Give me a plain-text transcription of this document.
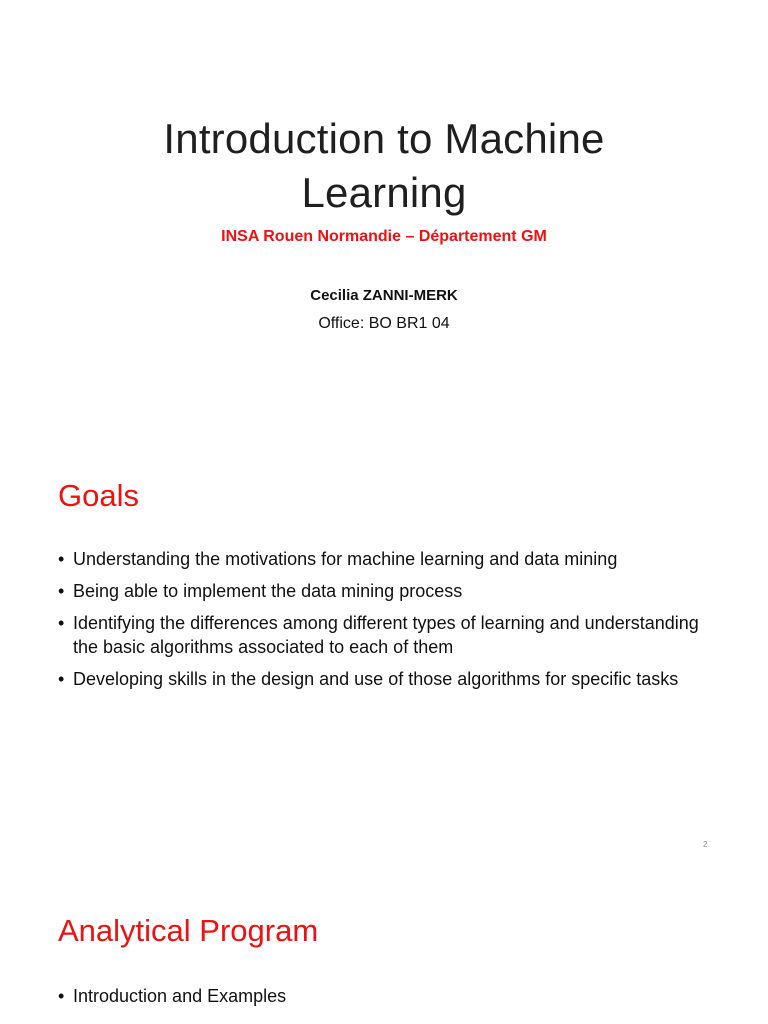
Introduction to Machine Learning
INSA Rouen Normandie – Département GM
Cecilia ZANNI-MERK
Office: BO BR1 04
Goals
• Understanding the motivations for machine learning and data mining
• Being able to implement the data mining process
• Identifying the differences among different types of learning and understanding the basic algorithms associated to each of them
• Developing skills in the design and use of those algorithms for specific tasks
2
Analytical Program
• Introduction and Examples
